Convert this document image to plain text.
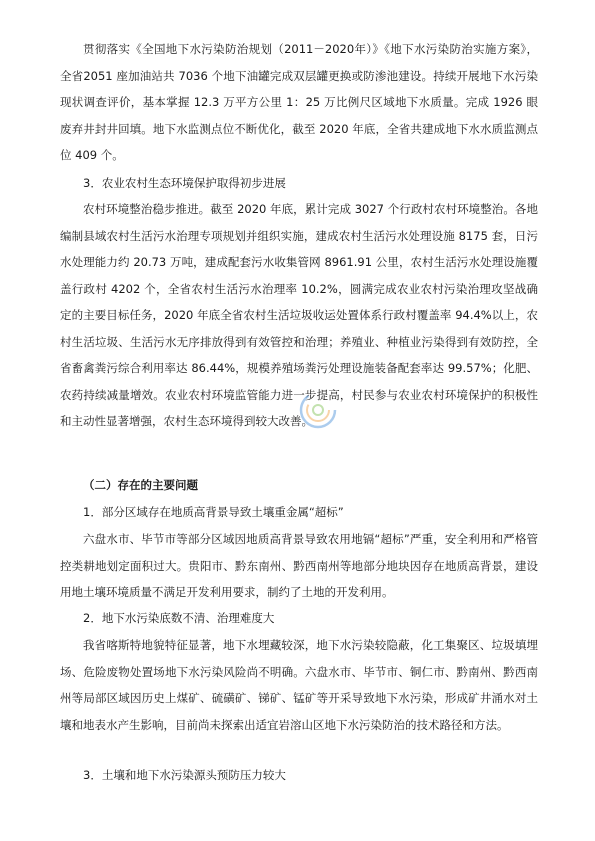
贯彻落实《全国地下水污染防治规划（2011－2020年）》《地下水污染防治实施方案》，全省2051 座加油站共 7036 个地下油罐完成双层罐更换或防渗池建设。持续开展地下水污染现状调查评价，基本掌握 12.3 万平方公里 1：25 万比例尺区域地下水质量。完成 1926 眼废弃井封井回填。地下水监测点位不断优化，截至 2020 年底，全省共建成地下水水质监测点位 409 个。

3．农业农村生态环境保护取得初步进展

农村环境整治稳步推进。截至 2020 年底，累计完成 3027 个行政村农村环境整治。各地编制县域农村生活污水治理专项规划并组织实施，建成农村生活污水处理设施 8175 套，日污水处理能力约 20.73 万吨，建成配套污水收集管网 8961.91 公里，农村生活污水处理设施覆盖行政村 4202 个，全省农村生活污水治理率 10.2%，圆满完成农业农村污染治理攻坚战确定的主要目标任务，2020 年底全省农村生活垃圾收运处置体系行政村覆盖率 94.4%以上，农村生活垃圾、生活污水无序排放得到有效管控和治理；养殖业、种植业污染得到有效防控，全省畜禽粪污综合利用率达 86.44%，规模养殖场粪污处理设施装备配套率达 99.57%；化肥、农药持续减量增效。农业农村环境监管能力进一步提高，村民参与农业农村环境保护的积极性和主动性显著增强，农村生态环境得到较大改善。

（二）存在的主要问题

1．部分区域存在地质高背景导致土壤重金属“超标”

六盘水市、毕节市等部分区域因地质高背景导致农用地镉“超标”严重，安全利用和严格管控类耕地划定面积过大。贵阳市、黔东南州、黔西南州等地部分地块因存在地质高背景，建设用地土壤环境质量不满足开发利用要求，制约了土地的开发利用。

2．地下水污染底数不清、治理难度大

我省喀斯特地貌特征显著，地下水埋藏较深，地下水污染较隐蔽，化工集聚区、垃圾填埋场、危险废物处置场地下水污染风险尚不明确。六盘水市、毕节市、铜仁市、黔南州、黔西南州等局部区域因历史上煤矿、硫磺矿、锑矿、锰矿等开采导致地下水污染，形成矿井涌水对土壤和地表水产生影响，目前尚未探索出适宜岩溶山区地下水污染防治的技术路径和方法。

3．土壤和地下水污染源头预防压力较大
